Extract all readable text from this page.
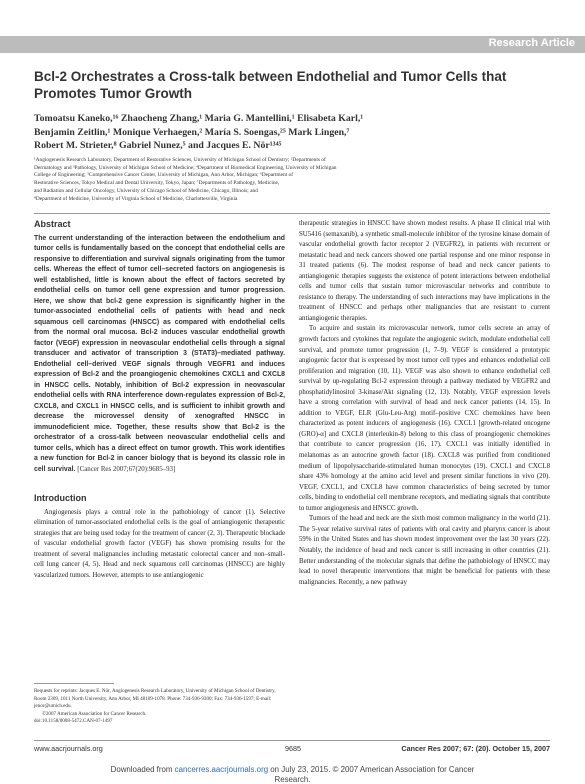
Research Article
Bcl-2 Orchestrates a Cross-talk between Endothelial and Tumor Cells that Promotes Tumor Growth
Tomoatsu Kaneko,¹⁶ Zhaocheng Zhang,¹ Maria G. Mantellini,¹ Elisabeta Karl,¹
Benjamin Zeitlin,¹ Monique Verhaegen,² María S. Soengas,²⁵ Mark Lingen,⁷
Robert M. Strieter,⁸ Gabriel Nunez,⁵ and Jacques E. Nör¹³⁴⁵
¹Angiogenesis Research Laboratory, Department of Restorative Sciences, University of Michigan School of Dentistry; ²Departments of
Dermatology and ³Pathology, University of Michigan School of Medicine; ⁴Department of Biomedical Engineering, University of Michigan
College of Engineering; ⁵Comprehensive Cancer Center, University of Michigan, Ann Arbor, Michigan; ⁶Department of
Restorative Sciences, Tokyo Medical and Dental University, Tokyo, Japan; ⁷Departments of Pathology, Medicine,
and Radiation and Cellular Oncology, University of Chicago School of Medicine, Chicago, Illinois; and
⁸Department of Medicine, University of Virginia School of Medicine, Charlottesville, Virginia
Abstract

The current understanding of the interaction between the endothelium and tumor cells is fundamentally based on the concept that endothelial cells are responsive to differentiation and survival signals originating from the tumor cells. Whereas the effect of tumor cell–secreted factors on angiogenesis is well established, little is known about the effect of factors secreted by endothelial cells on tumor cell gene expression and tumor progression. Here, we show that bcl-2 gene expression is significantly higher in the tumor-associated endothelial cells of patients with head and neck squamous cell carcinomas (HNSCC) as compared with endothelial cells from the normal oral mucosa. Bcl-2 induces vascular endothelial growth factor (VEGF) expression in neovascular endothelial cells through a signal transducer and activator of transcription 3 (STAT3)–mediated pathway. Endothelial cell–derived VEGF signals through VEGFR1 and induces expression of Bcl-2 and the proangiogenic chemokines CXCL1 and CXCL8 in HNSCC cells. Notably, inhibition of Bcl-2 expression in neovascular endothelial cells with RNA interference down-regulates expression of Bcl-2, CXCL8, and CXCL1 in HNSCC cells, and is sufficient to inhibit growth and decrease the microvessel density of xenografted HNSCC in immunodeficient mice. Together, these results show that Bcl-2 is the orchestrator of a cross-talk between neovascular endothelial cells and tumor cells, which has a direct effect on tumor growth. This work identifies a new function for Bcl-2 in cancer biology that is beyond its classic role in cell survival. [Cancer Res 2007;67(20):9685–93]

Introduction

Angiogenesis plays a central role in the pathobiology of cancer (1). Selective elimination of tumor-associated endothelial cells is the goal of antiangiogenic therapeutic strategies that are being used today for the treatment of cancer (2, 3). Therapeutic blockade of vascular endothelial growth factor (VEGF) has shown promising results for the treatment of several malignancies including metastatic colorectal cancer and non–small-cell lung cancer (4, 5). Head and neck squamous cell carcinomas (HNSCC) are highly vascularized tumors. However, attempts to use antiangiogenic

Requests for reprints: Jacques E. Nör, Angiogenesis Research Laboratory, University of Michigan School of Dentistry, Room 2309, 1011 North University, Ann Arbor, MI 48109-1078. Phone: 734-936-9300; Fax: 734-936-1597; E-mail: jenor@umich.edu.
©2007 American Association for Cancer Research.
doi:10.1158/0008-5472.CAN-07-1497

therapeutic strategies in HNSCC have shown modest results. A phase II clinical trial with SU5416 (semaxanib), a synthetic small-molecule inhibitor of the tyrosine kinase domain of vascular endothelial growth factor receptor 2 (VEGFR2), in patients with recurrent or metastatic head and neck cancers showed one partial response and one minor response in 31 treated patients (6). The modest response of head and neck cancer patients to antiangiogenic therapies suggests the existence of potent interactions between endothelial cells and tumor cells that sustain tumor microvascular networks and contribute to resistance to therapy. The understanding of such interactions may have implications in the treatment of HNSCC and perhaps other malignancies that are resistant to current antiangiogenic therapies.

To acquire and sustain its microvascular network, tumor cells secrete an array of growth factors and cytokines that regulate the angiogenic switch, modulate endothelial cell survival, and promote tumor progression (1, 7–9). VEGF is considered a prototypic angiogenic factor that is expressed by most tumor cell types and enhances endothelial cell proliferation and migration (10, 11). VEGF was also shown to enhance endothelial cell survival by up-regulating Bcl-2 expression through a pathway mediated by VEGFR2 and phosphatidylinositol 3-kinase/Akt signaling (12, 13). Notably, VEGF expression levels have a strong correlation with survival of head and neck cancer patients (14, 15). In addition to VEGF, ELR (Glu-Leu-Arg) motif–positive CXC chemokines have been characterized as potent inducers of angiogenesis (16). CXCL1 [growth-related oncogene (GRO)-α] and CXCL8 (interleukin-8) belong to this class of proangiogenic chemokines that contribute to cancer progression (16, 17). CXCL1 was initially identified in melanomas as an autocrine growth factor (18). CXCL8 was purified from conditioned medium of lipopolysaccharide-stimulated human monocytes (19). CXCL1 and CXCL8 share 43% homology at the amino acid level and present similar functions in vivo (20). VEGF, CXCL1, and CXCL8 have common characteristics of being secreted by tumor cells, binding to endothelial cell membrane receptors, and mediating signals that contribute to tumor angiogenesis and HNSCC growth.

Tumors of the head and neck are the sixth most common malignancy in the world (21). The 5-year relative survival rates of patients with oral cavity and pharynx cancer is about 59% in the United States and has shown modest improvement over the last 30 years (22). Notably, the incidence of head and neck cancer is still increasing in other countries (21). Better understanding of the molecular signals that define the pathobiology of HNSCC may lead to novel therapeutic interventions that might be beneficial for patients with these malignancies. Recently, a new pathway

www.aacrjournals.org	9685	Cancer Res 2007; 67: (20). October 15, 2007
Downloaded from cancerres.aacrjournals.org on July 23, 2015. © 2007 American Association for Cancer
Research.
